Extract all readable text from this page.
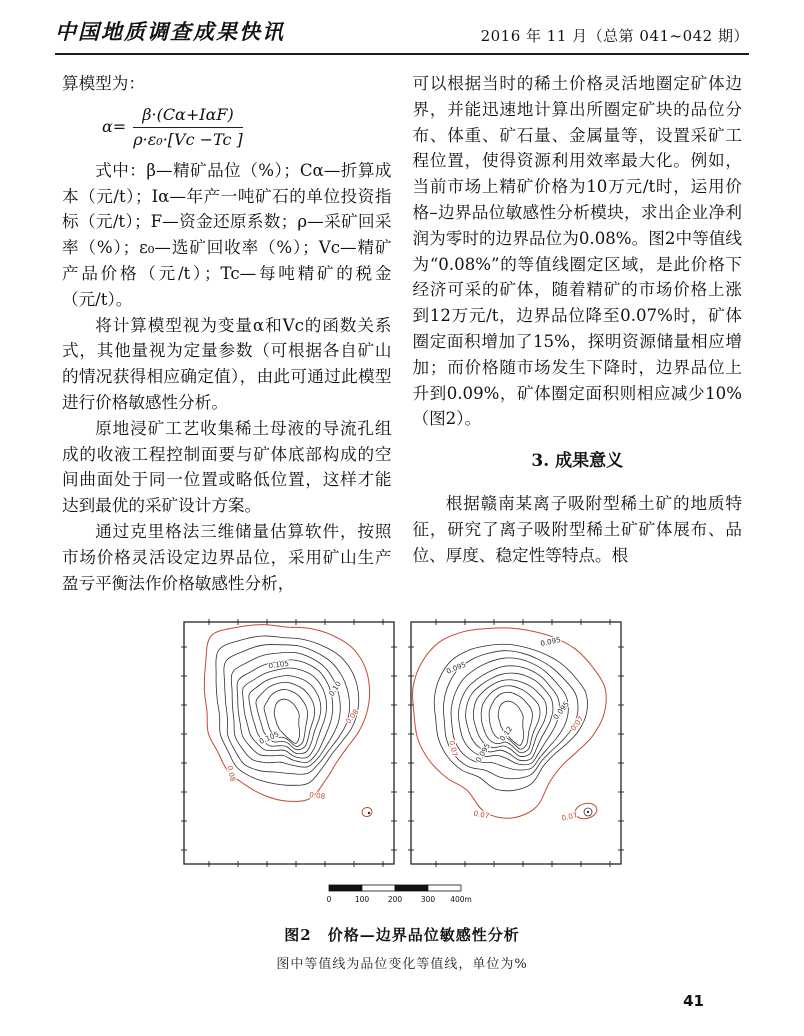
中国地质调查成果快讯	2016 年 11 月（总第 041~042 期）

算模型为：

$\alpha= \frac{\text{β·(Cα+IαF)}}{\text{ρ·ε₀·[Vc −Tc ]}}$

式中：β—精矿品位（%）；Cα—折算成本（元/t）；Iα—年产一吨矿石的单位投资指标（元/t）；F—资金还原系数；ρ—采矿回采率（%）；ε₀—选矿回收率（%）；Vc—精矿产品价格（元/t）；Tc—每吨精矿的税金（元/t）。

将计算模型视为变量α和Vc的函数关系式，其他量视为定量参数（可根据各自矿山的情况获得相应确定值），由此可通过此模型进行价格敏感性分析。

原地浸矿工艺收集稀土母液的导流孔组成的收液工程控制面要与矿体底部构成的空间曲面处于同一位置或略低位置，这样才能达到最优的采矿设计方案。

通过克里格法三维储量估算软件，按照市场价格灵活设定边界品位，采用矿山生产盈亏平衡法作价格敏感性分析，

可以根据当时的稀土价格灵活地圈定矿体边界，并能迅速地计算出所圈定矿块的品位分布、体重、矿石量、金属量等，设置采矿工程位置，使得资源利用效率最大化。例如，当前市场上精矿价格为10万元/t时，运用价格–边界品位敏感性分析模块，求出企业净利润为零时的边界品位为0.08%。图2中等值线为“0.08%”的等值线圈定区域，是此价格下经济可采的矿体，随着精矿的市场价格上涨到12万元/t，边界品位降至0.07%时，矿体圈定面积增加了15%，探明资源储量相应增加；而价格随市场发生下降时，边界品位上升到0.09%，矿体圈定面积则相应减少10%（图2）。

3. 成果意义

根据赣南某离子吸附型稀土矿的地质特征，研究了离子吸附型稀土矿矿体展布、品位、厚度、稳定性等特点。根

0.105
0.10
0.105
0.08
0.08
0.08
0.095
0.095
0.12
0.095
0.095
0.07
0.07
0.07	0.07
0	100 200 300 400m
图2　价格—边界品位敏感性分析
图中等值线为品位变化等值线，单位为%
41
